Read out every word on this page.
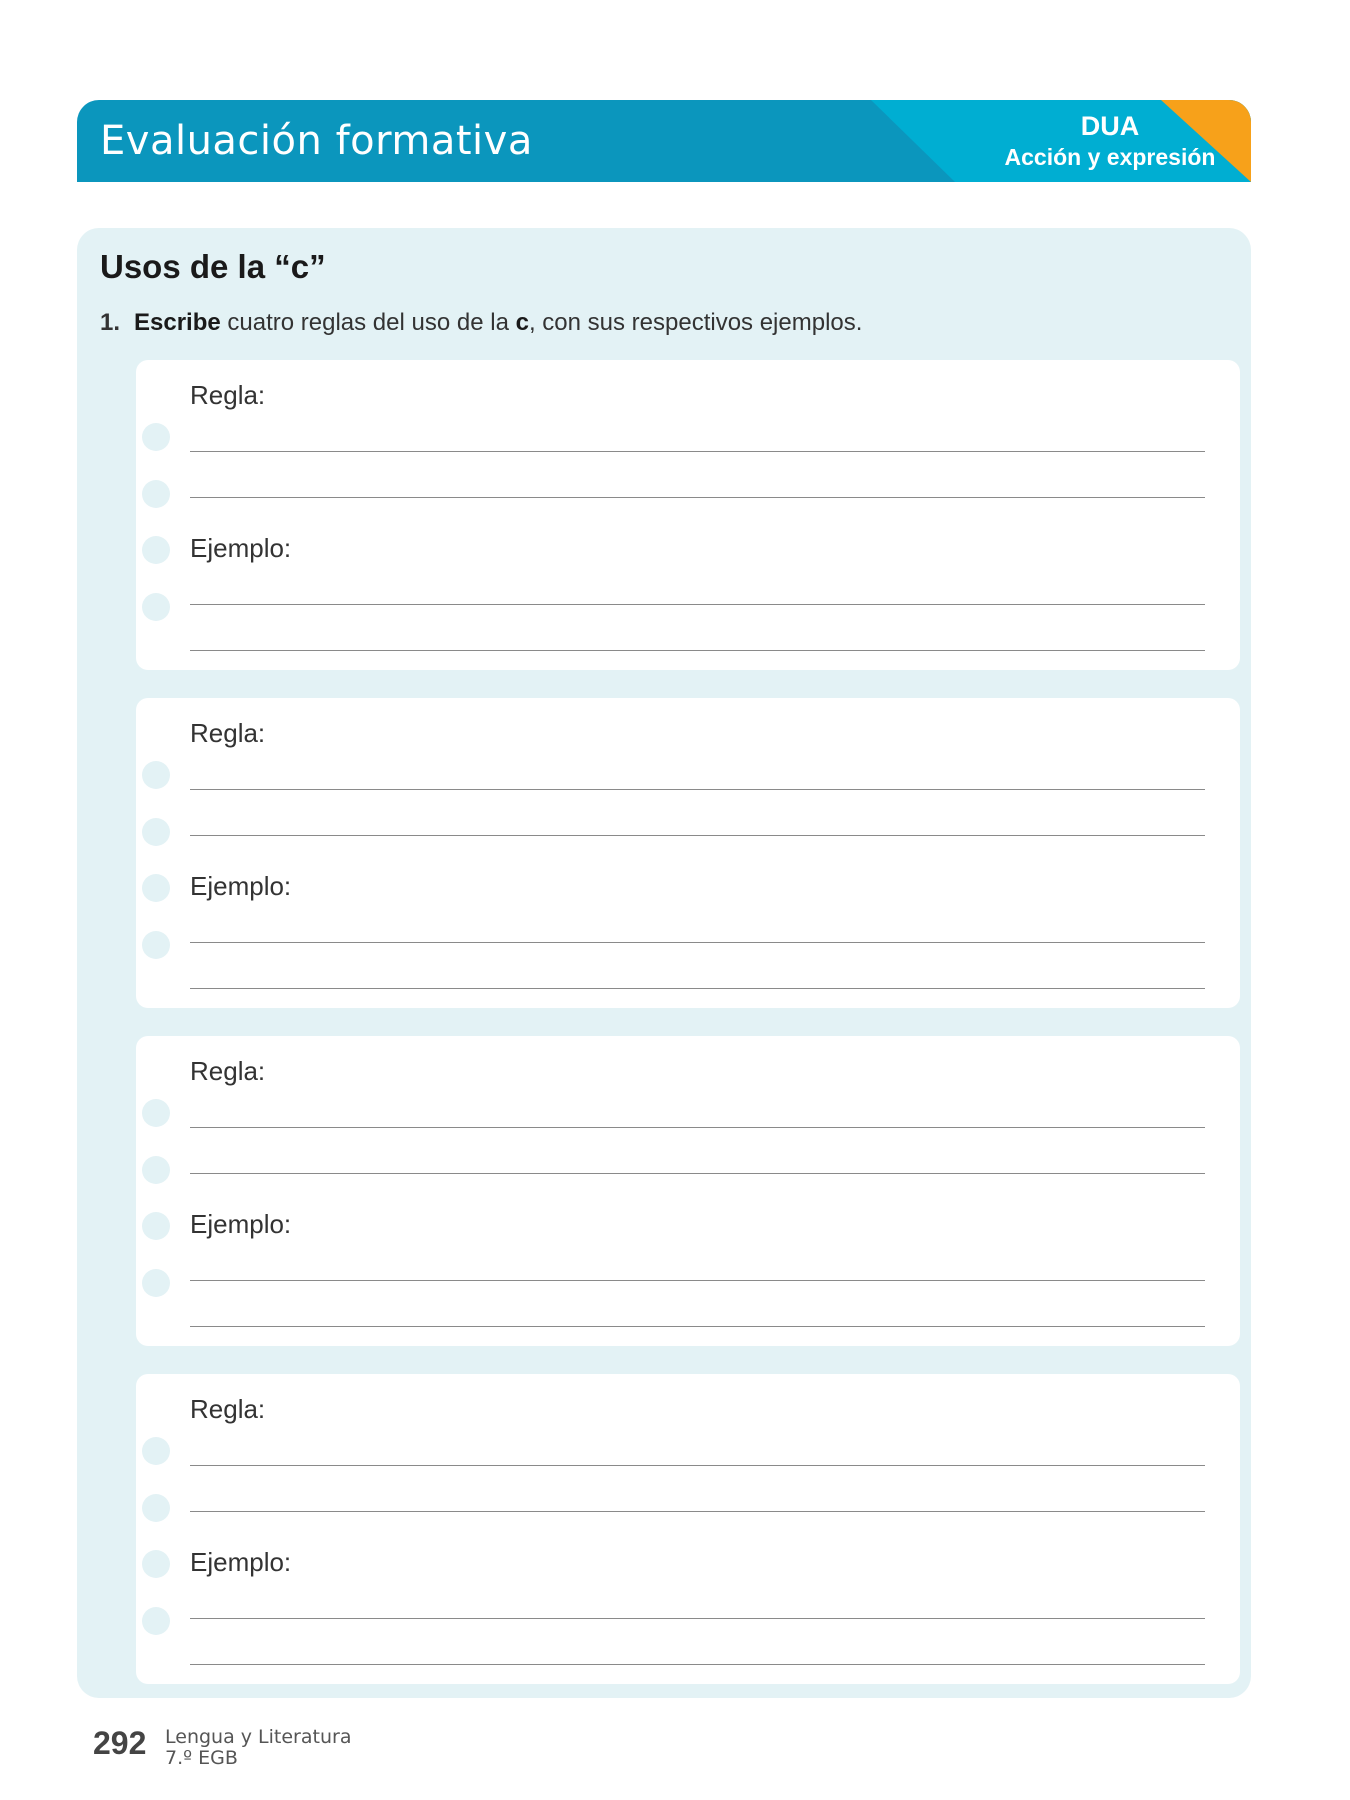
Evaluación formativa	DUA
Acción y expresión
Usos de la “c”
1. Escribe cuatro reglas del uso de la c, con sus respectivos ejemplos.
Regla:
Ejemplo:
Regla:
Ejemplo:
Regla:
Ejemplo:
Regla:
Ejemplo:
292 Lengua y Literatura
7.º EGB
